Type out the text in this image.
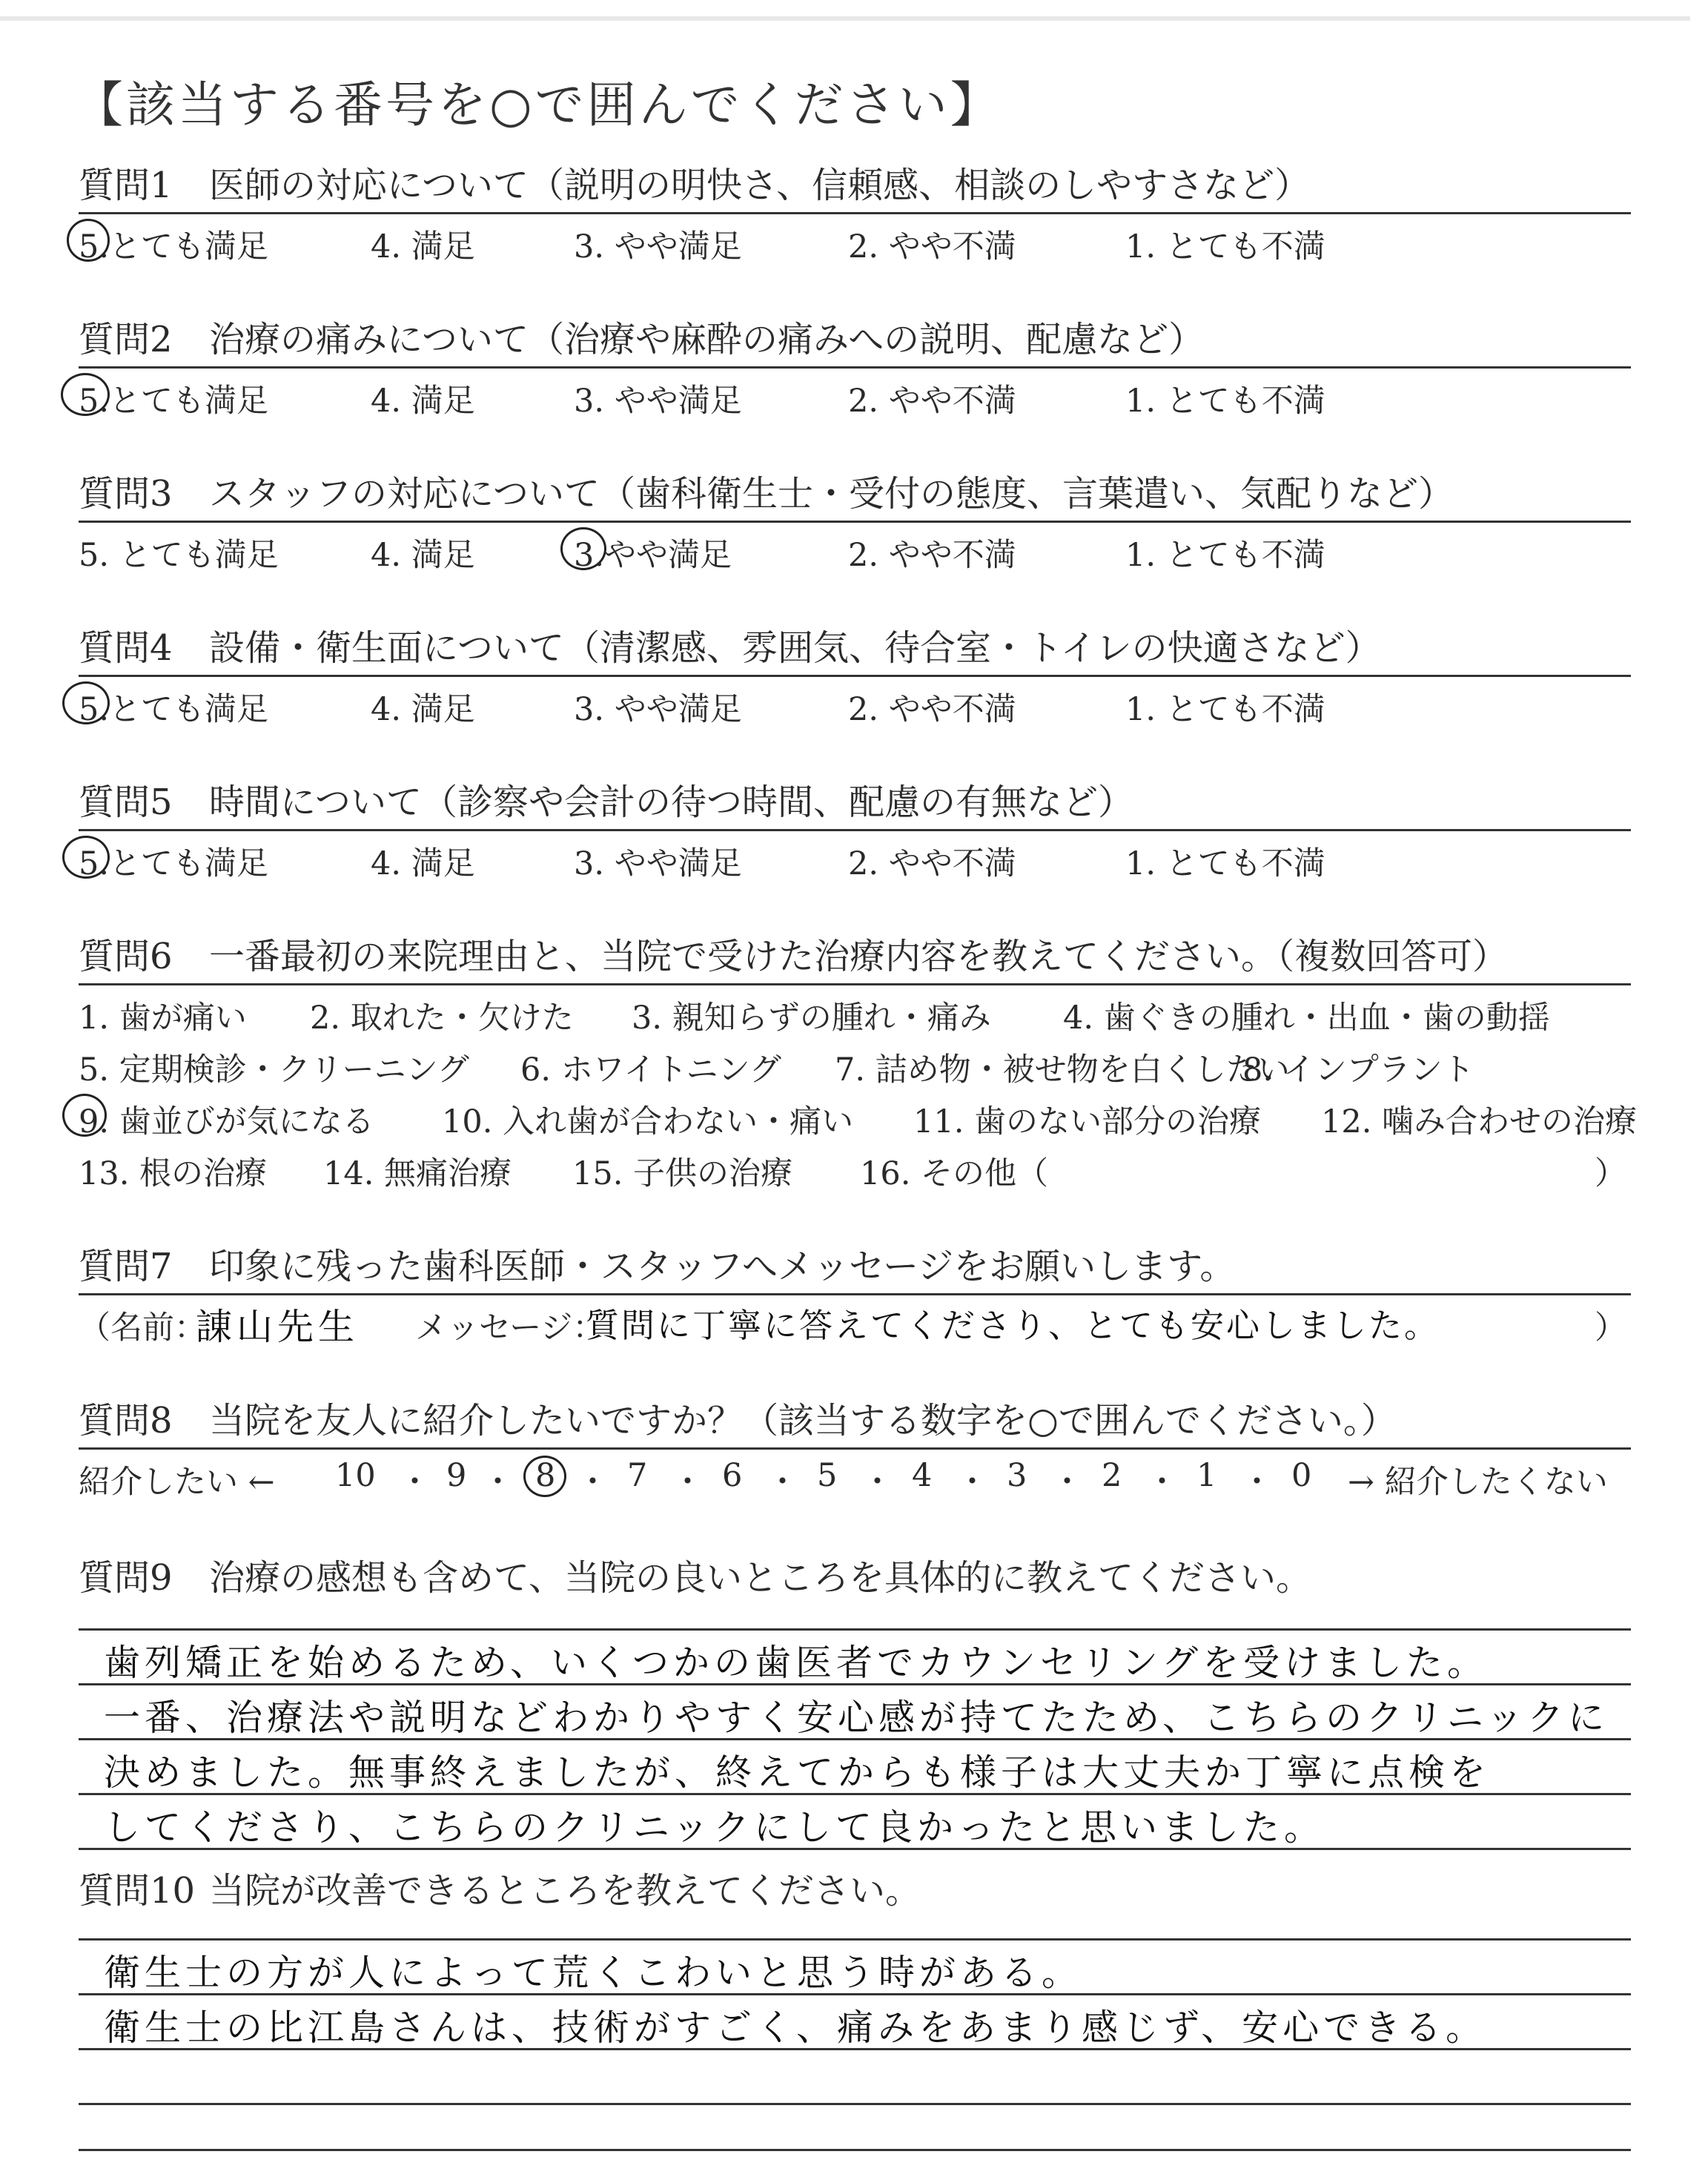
【該当する番号を○で囲んでください】
質問1 医師の対応について（説明の明快さ、信頼感、相談のしやすさなど）
5.とても満足	4. 満足	3. やや満足	2. やや不満	1. とても不満
質問2 治療の痛みについて（治療や麻酔の痛みへの説明、配慮など）
5.とても満足	4. 満足	3. やや満足	2. やや不満	1. とても不満
質問3 スタッフの対応について（歯科衛生士・受付の態度、言葉遣い、気配りなど）
5. とても満足	4. 満足	3.やや満足	2. やや不満	1. とても不満
質問4 設備・衛生面について（清潔感、雰囲気、待合室・トイレの快適さなど）
5.とても満足	4. 満足	3. やや満足	2. やや不満	1. とても不満
質問5 時間について（診察や会計の待つ時間、配慮の有無など）
5.とても満足	4. 満足	3. やや満足	2. やや不満	1. とても不満
質問6 一番最初の来院理由と、当院で受けた治療内容を教えてください。（複数回答可）
1. 歯が痛い 2. 取れた・欠けた 3. 親知らずの腫れ・痛み 4. 歯ぐきの腫れ・出血・歯の動揺
5. 定期検診・クリーニング 6. ホワイトニング 7. 詰め物・被せ物を白くしたい
8. インプラント
9. 歯並びが気になる 10. 入れ歯が合わない・痛い 11. 歯のない部分の治療 12. 噛み合わせの治療
13. 根の治療 14. 無痛治療 15. 子供の治療 16. その他（	）
質問7 印象に残った歯科医師・スタッフへメッセージをお願いします。
（名前：
諌山先生 メッセージ：
質問に丁寧に答えてくださり、とても安心しました。	）
質問8 当院を友人に紹介したいですか？（該当する数字を○で囲んでください。）
紹介したい ← 10 ・ 9 ・ 8 ・ 7 ・ 6 ・ 5 ・ 4 ・ 3 ・ 2 ・ 1 ・ 0 → 紹介したくない
質問9 治療の感想も含めて、当院の良いところを具体的に教えてください。
歯列矯正を始めるため、いくつかの歯医者でカウンセリングを受けました。
一番、治療法や説明などわかりやすく安心感が持てたため、こちらのクリニックに
決めました。無事終えましたが、終えてからも様子は大丈夫か丁寧に点検を
してくださり、こちらのクリニックにして良かったと思いました。
質問10 当院が改善できるところを教えてください。
衛生士の方が人によって荒くこわいと思う時がある。
衛生士の比江島さんは、技術がすごく、痛みをあまり感じず、安心できる。
